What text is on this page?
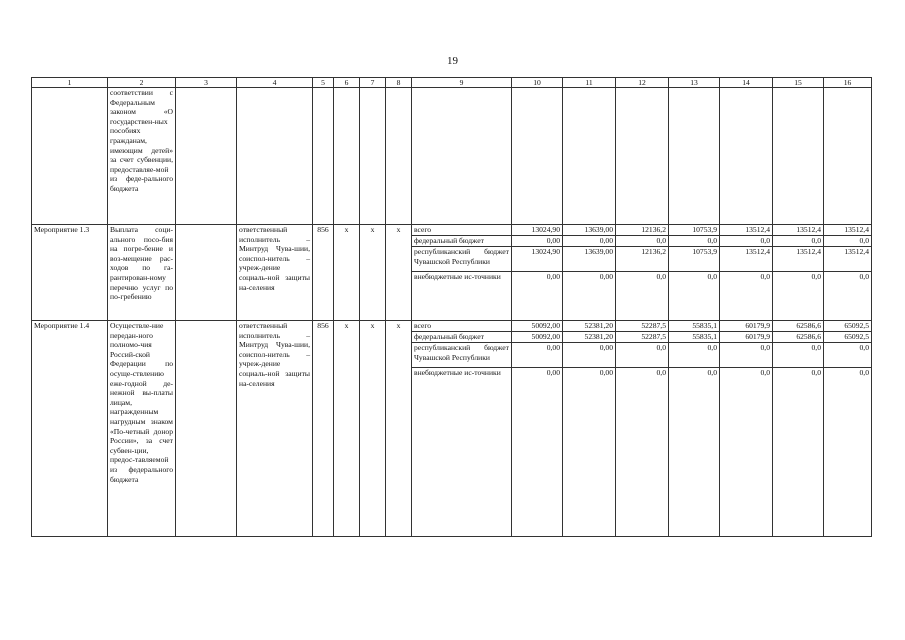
19
1	2	3	4	5	6	7	8	9	10	11	12	13	14	15	16
	соответствии с Федеральным законом «О государствен-ных пособиях гражданам, имеющим детей» за счет субвенции, предоставляе-мой из феде-рального бюджета														
Мероприятие 1.3	Выплата соци-ального посо-бия на погре-бение и воз-мещение рас-ходов по га-рантирован-ному перечню услуг по по-гребению		ответственный исполнитель – Минтруд Чува-шии, соиспол-нитель – учреж-дение социаль-ной защиты на-селения	856	x	x	x	всего	13024,90	13639,00	12136,2	10753,9	13512,4	13512,4	13512,4
								федеральный бюджет	0,00	0,00	0,0	0,0	0,0	0,0	0,0
								республиканский бюджет Чувашской Республики	13024,90	13639,00	12136,2	10753,9	13512,4	13512,4	13512,4
								внебюджетные ис-точники	0,00	0,00	0,0	0,0	0,0	0,0	0,0
Мероприятие 1.4	Осуществле-ние передан-ного полномо-чия Россий-ской Федерации по осуще-ствлению еже-годной де-нежной вы-платы лицам, награжденным нагрудным знаком «По-четный донор России», за счет субвен-ции, предос-тавляемой из федерального бюджета		ответственный исполнитель – Минтруд Чува-шии, соиспол-нитель – учреж-дение социаль-ной защиты на-селения	856	x	x	x	всего	50092,00	52381,20	52287,5	55835,1	60179,9	62586,6	65092,5
								федеральный бюджет	50092,00	52381,20	52287,5	55835,1	60179,9	62586,6	65092,5
								республиканский бюджет Чувашской Республики	0,00	0,00	0,0	0,0	0,0	0,0	0,0
								внебюджетные ис-точники	0,00	0,00	0,0	0,0	0,0	0,0	0,0
